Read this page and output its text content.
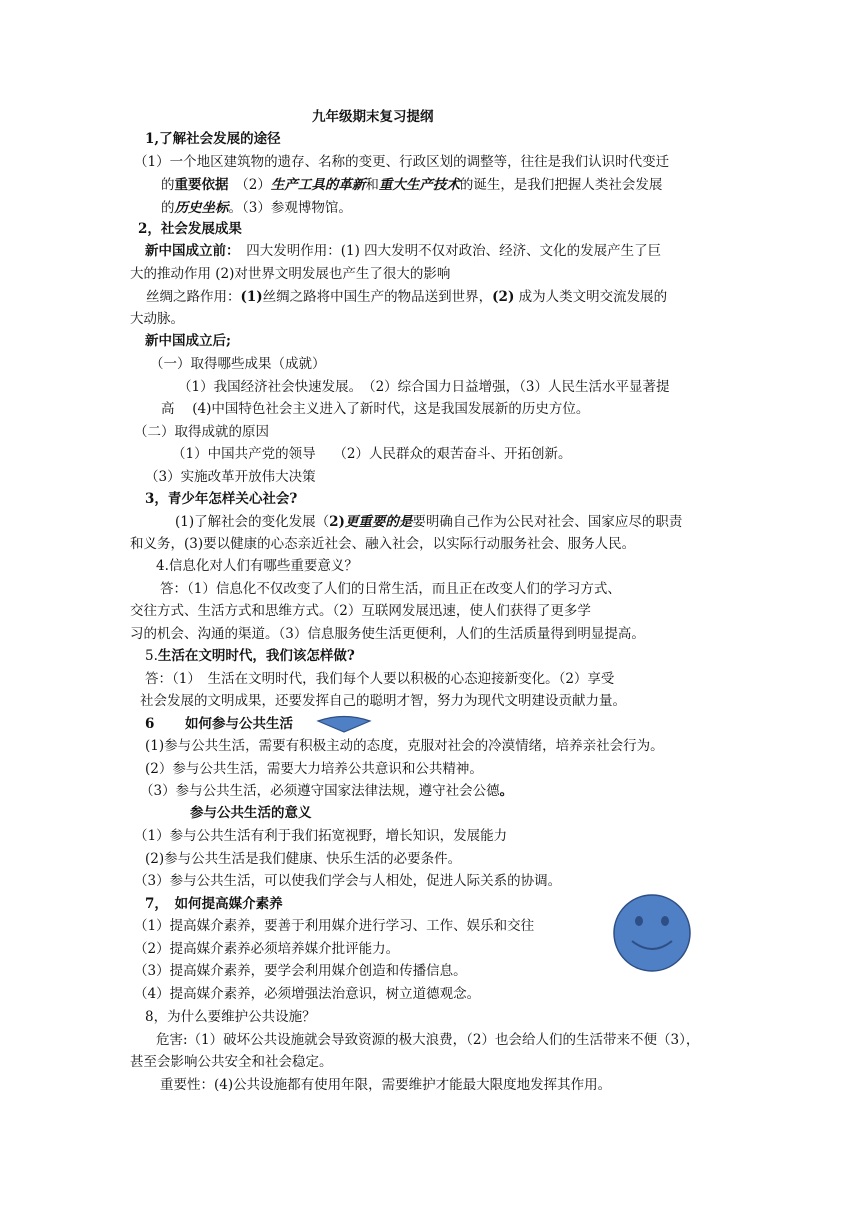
九年级期末复习提纲
1,了解社会发展的途径
（1）一个地区建筑物的遗存、名称的变更、行政区划的调整等，往往是我们认识时代变迁
的重要依据　（2）生产工具的革新和重大生产技术的诞生，是我们把握人类社会发展
的历史坐标。（3）参观博物馆。
2，社会发展成果
新中国成立前：　四大发明作用：(1) 四大发明不仅对政治、经济、文化的发展产生了巨
大的推动作用 (2)对世界文明发展也产生了很大的影响
丝绸之路作用：(1)丝绸之路将中国生产的物品送到世界，(2) 成为人类文明交流发展的
大动脉。
新中国成立后;
（一）取得哪些成果（成就）
（1）我国经济社会快速发展。　（2）综合国力日益增强，（3）人民生活水平显著提
高　 (4)中国特色社会主义进入了新时代，这是我国发展新的历史方位。
（二）取得成就的原因
（1）中国共产党的领导　 （2）人民群众的艰苦奋斗、开拓创新。
（3）实施改革开放伟大决策
3，青少年怎样关心社会?
(1)了解社会的变化发展（2)更重要的是要明确自己作为公民对社会、国家应尽的职责
和义务，(3)要以健康的心态亲近社会、融入社会，以实际行动服务社会、服务人民。
4.信息化对人们有哪些重要意义？
答：（1）信息化不仅改变了人们的日常生活，而且正在改变人们的学习方式、
交往方式、生活方式和思维方式。（2）互联网发展迅速，使人们获得了更多学
习的机会、沟通的渠道。（3）信息服务使生活更便利，人们的生活质量得到明显提高。
5.生活在文明时代，我们该怎样做?
答：（1）　生活在文明时代，我们每个人要以积极的心态迎接新变化。（2）享受
社会发展的文明成果，还要发挥自己的聪明才智，努力为现代文明建设贡献力量。
6 如何参与公共生活
(1)参与公共生活，需要有积极主动的态度，克服对社会的冷漠情绪，培养亲社会行为。
(2）参与公共生活，需要大力培养公共意识和公共精神。
（3）参与公共生活，必须遵守国家法律法规，遵守社会公德。
参与公共生活的意义
（1）参与公共生活有利于我们拓宽视野，增长知识，发展能力
(2)参与公共生活是我们健康、快乐生活的必要条件。
（3）参与公共生活，可以使我们学会与人相处，促进人际关系的协调。
7，　如何提高媒介素养
（1）提高媒介素养，要善于利用媒介进行学习、工作、娱乐和交往
（2）提高媒介素养必须培养媒介批评能力。
（3）提高媒介素养，要学会利用媒介创造和传播信息。
（4）提高媒介素养，必须增强法治意识，树立道德观念。
8，为什么要维护公共设施？
危害:（1）破坏公共设施就会导致资源的极大浪费，（2）也会给人们的生活带来不便（3），
甚至会影响公共安全和社会稳定。
重要性：(4)公共设施都有使用年限，需要维护才能最大限度地发挥其作用。
